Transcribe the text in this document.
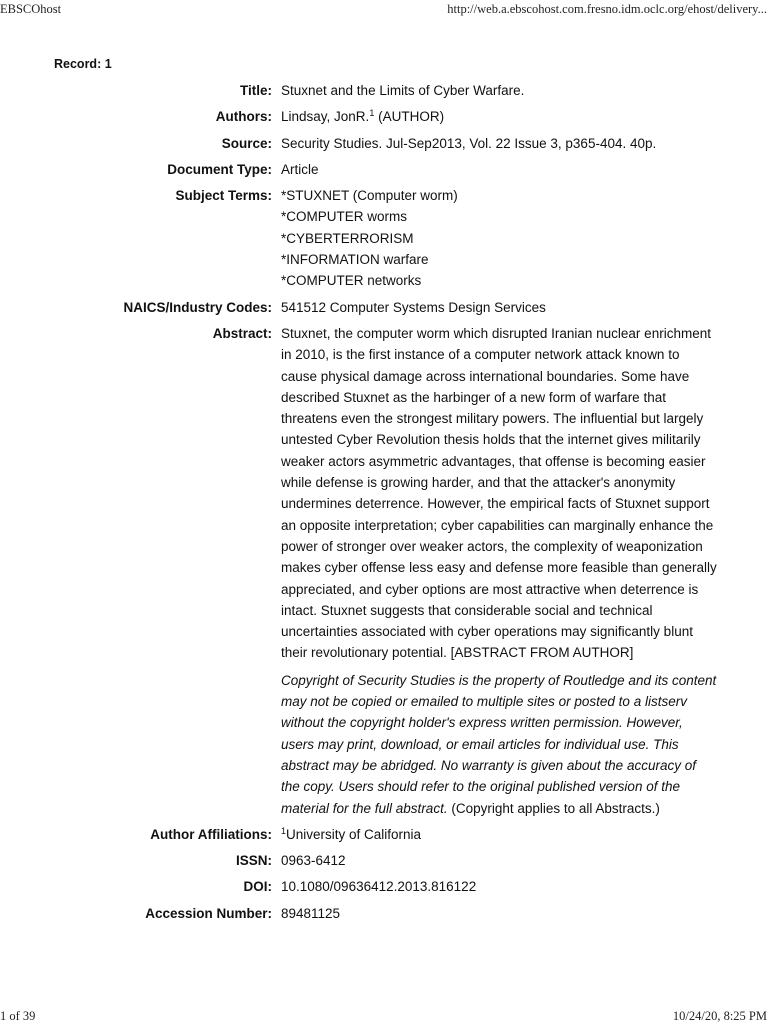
EBSCOhost	http://web.a.ebscohost.com.fresno.idm.oclc.org/ehost/delivery...
Record: 1
Title:	Stuxnet and the Limits of Cyber Warfare.
Authors:	Lindsay, JonR.$^1$ (AUTHOR)
Source:	Security Studies. Jul-Sep2013, Vol. 22 Issue 3, p365-404. 40p.
Document Type:	Article
Subject Terms:	*STUXNET (Computer worm)
*COMPUTER worms
*CYBERTERRORISM
*INFORMATION warfare
*COMPUTER networks

NAICS/Industry Codes:	541512 Computer Systems Design Services
Abstract:	Stuxnet, the computer worm which disrupted Iranian nuclear enrichment in 2010, is the first instance of a computer network attack known to cause physical damage across international boundaries. Some have described Stuxnet as the harbinger of a new form of warfare that threatens even the strongest military powers. The influential but largely untested Cyber Revolution thesis holds that the internet gives militarily weaker actors asymmetric advantages, that offense is becoming easier while defense is growing harder, and that the attacker's anonymity undermines deterrence. However, the empirical facts of Stuxnet support an opposite interpretation; cyber capabilities can marginally enhance the power of stronger over weaker actors, the complexity of weaponization makes cyber offense less easy and defense more feasible than generally appreciated, and cyber options are most attractive when deterrence is intact. Stuxnet suggests that considerable social and technical uncertainties associated with cyber operations may significantly blunt their revolutionary potential. [ABSTRACT FROM AUTHOR]
Copyright of Security Studies is the property of Routledge and its content may not be copied or emailed to multiple sites or posted to a listserv without the copyright holder's express written permission. However, users may print, download, or email articles for individual use. This abstract may be abridged. No warranty is given about the accuracy of the copy. Users should refer to the original published version of the material for the full abstract. (Copyright applies to all Abstracts.)

Author Affiliations:	$^1$University of California
ISSN:	0963-6412
DOI:	10.1080/09636412.2013.816122
Accession Number:	89481125
1 of 39	10/24/20, 8:25 PM
